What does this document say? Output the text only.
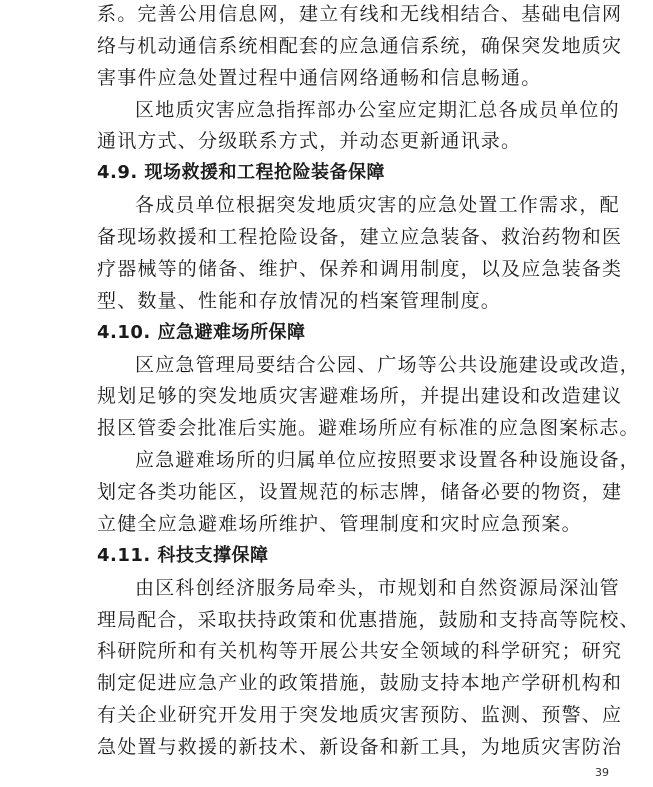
系。完善公用信息网，建立有线和无线相结合、基础电信网
络与机动通信系统相配套的应急通信系统，确保突发地质灾
害事件应急处置过程中通信网络通畅和信息畅通。
区地质灾害应急指挥部办公室应定期汇总各成员单位的
通讯方式、分级联系方式，并动态更新通讯录。
4.9. 现场救援和工程抢险装备保障
各成员单位根据突发地质灾害的应急处置工作需求，配
备现场救援和工程抢险设备，建立应急装备、救治药物和医
疗器械等的储备、维护、保养和调用制度，以及应急装备类
型、数量、性能和存放情况的档案管理制度。
4.10. 应急避难场所保障
区应急管理局要结合公园、广场等公共设施建设或改造，
规划足够的突发地质灾害避难场所，并提出建设和改造建议
报区管委会批准后实施。避难场所应有标准的应急图案标志。
应急避难场所的归属单位应按照要求设置各种设施设备，
划定各类功能区，设置规范的标志牌，储备必要的物资，建
立健全应急避难场所维护、管理制度和灾时应急预案。
4.11. 科技支撑保障
由区科创经济服务局牵头，市规划和自然资源局深汕管
理局配合，采取扶持政策和优惠措施，鼓励和支持高等院校、
科研院所和有关机构等开展公共安全领域的科学研究；研究
制定促进应急产业的政策措施，鼓励支持本地产学研机构和
有关企业研究开发用于突发地质灾害预防、监测、预警、应
急处置与救援的新技术、新设备和新工具，为地质灾害防治
39
